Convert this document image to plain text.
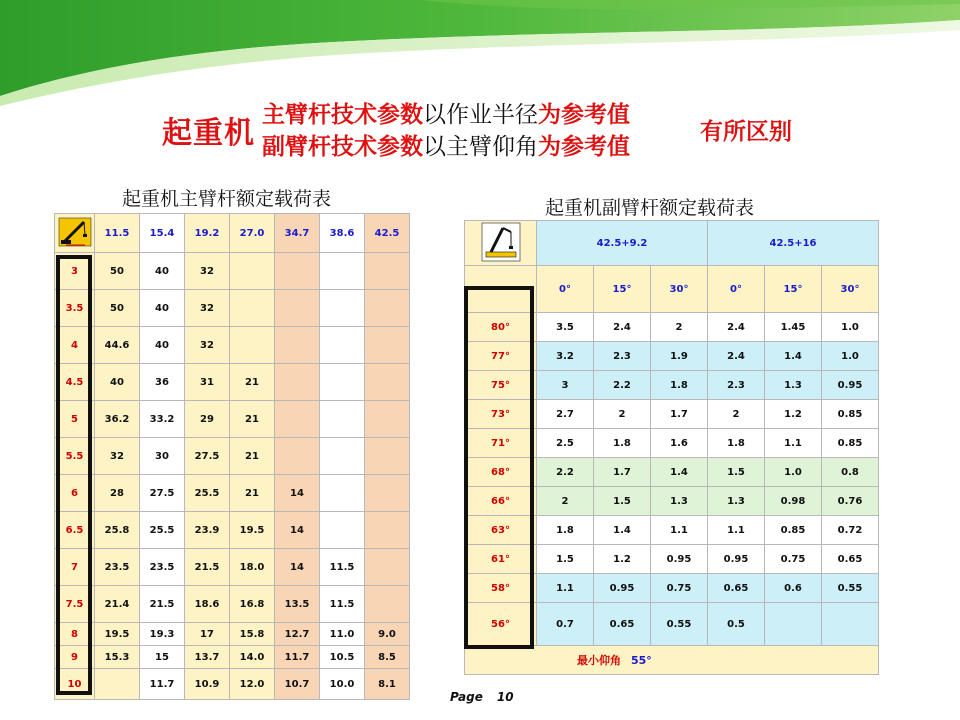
起重机
主臂杆技术参数以作业半径为参考值
副臂杆技术参数以主臂仰角为参考值
有所区别
起重机主臂杆额定载荷表	起重机副臂杆额定载荷表
	11.5	15.4	19.2	27.0	34.7	38.6	42.5
3	50	40	32				
3.5	50	40	32				
4	44.6	40	32				
4.5	40	36	31	21			
5	36.2	33.2	29	21			
5.5	32	30	27.5	21			
6	28	27.5	25.5	21	14		
6.5	25.8	25.5	23.9	19.5	14		
7	23.5	23.5	21.5	18.0	14	11.5	
7.5	21.4	21.5	18.6	16.8	13.5	11.5	
8	19.5	19.3	17	15.8	12.7	11.0	9.0
9	15.3	15	13.7	14.0	11.7	10.5	8.5
10		11.7	10.9	12.0	10.7	10.0	8.1
	42.5+9.2			42.5+16		
	0°	15°	30°	0°	15°	30°
80°	3.5	2.4	2	2.4	1.45	1.0
77°	3.2	2.3	1.9	2.4	1.4	1.0
75°	3	2.2	1.8	2.3	1.3	0.95
73°	2.7	2	1.7	2	1.2	0.85
71°	2.5	1.8	1.6	1.8	1.1	0.85
68°	2.2	1.7	1.4	1.5	1.0	0.8
66°	2	1.5	1.3	1.3	0.98	0.76
63°	1.8	1.4	1.1	1.1	0.85	0.72
61°	1.5	1.2	0.95	0.95	0.75	0.65
58°	1.1	0.95	0.75	0.65	0.6	0.55
56°	0.7	0.65	0.55	0.5		
最小仰角 55°						
Page 10
